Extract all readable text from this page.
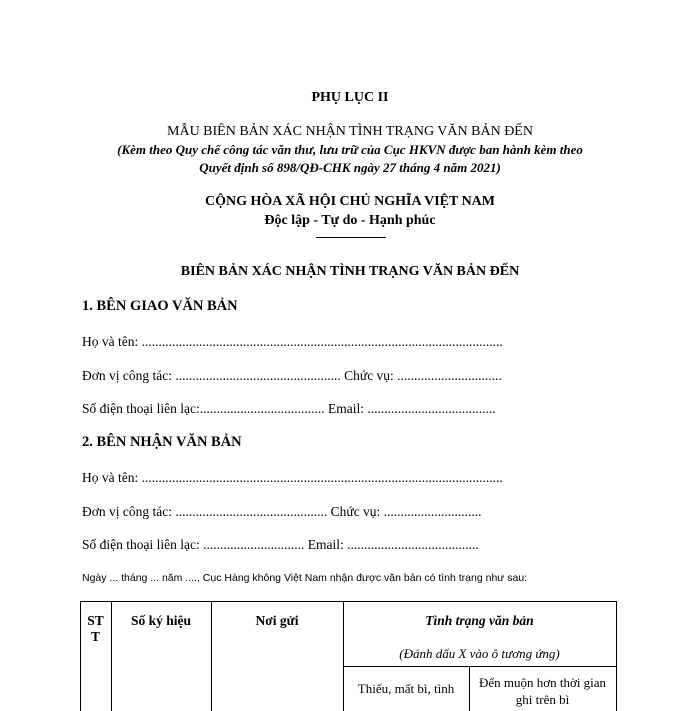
PHỤ LỤC II
MẪU BIÊN BẢN XÁC NHẬN TÌNH TRẠNG VĂN BẢN ĐẾN
(Kèm theo Quy chế công tác văn thư, lưu trữ của Cục HKVN được ban hành kèm theo
Quyết định số 898/QĐ-CHK ngày 27 tháng 4 năm 2021)
CỘNG HÒA XÃ HỘI CHỦ NGHĨA VIỆT NAM
Độc lập - Tự do - Hạnh phúc
BIÊN BẢN XÁC NHẬN TÌNH TRẠNG VĂN BẢN ĐẾN
1. BÊN GIAO VĂN BẢN
Họ và tên: ...........................................................................................................
Đơn vị công tác: ................................................. Chức vụ: ...............................
Số điện thoại liên lạc:..................................... Email: ......................................
2. BÊN NHẬN VĂN BẢN
Họ và tên: ...........................................................................................................
Đơn vị công tác: ............................................. Chức vụ: .............................
Số điện thoại liên lạc: .............................. Email: .......................................
Ngày ... tháng ... năm ...., Cục Hàng không Việt Nam nhận được văn bản có tình trạng như sau:
ST
T
Số ký hiệu	Nơi gửi	Tình trạng văn bản
(Đánh dấu X vào ô tương ứng)
Thiếu, mất bì, tình	Đến muộn hơn thời gian
ghi trên bì
